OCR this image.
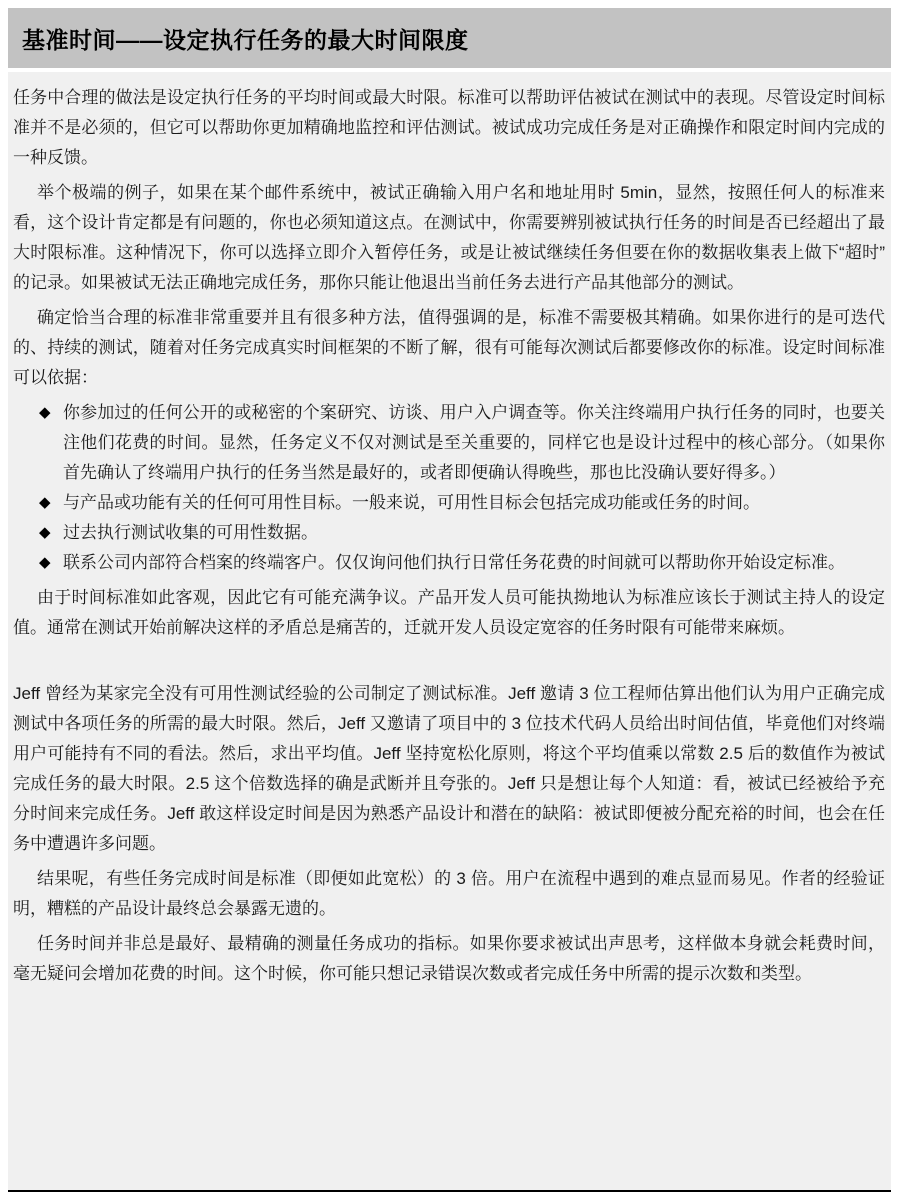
基准时间——设定执行任务的最大时间限度

任务中合理的做法是设定执行任务的平均时间或最大时限。标准可以帮助评估被试在测试中的表现。尽管设定时间标准并不是必须的，但它可以帮助你更加精确地监控和评估测试。被试成功完成任务是对正确操作和限定时间内完成的一种反馈。

举个极端的例子，如果在某个邮件系统中，被试正确输入用户名和地址用时 5min，显然，按照任何人的标准来看，这个设计肯定都是有问题的，你也必须知道这点。在测试中，你需要辨别被试执行任务的时间是否已经超出了最大时限标准。这种情况下，你可以选择立即介入暂停任务，或是让被试继续任务但要在你的数据收集表上做下“超时”的记录。如果被试无法正确地完成任务，那你只能让他退出当前任务去进行产品其他部分的测试。

确定恰当合理的标准非常重要并且有很多种方法，值得强调的是，标准不需要极其精确。如果你进行的是可迭代的、持续的测试，随着对任务完成真实时间框架的不断了解，很有可能每次测试后都要修改你的标准。设定时间标准可以依据：

◆ 你参加过的任何公开的或秘密的个案研究、访谈、用户入户调查等。你关注终端用户执行任务的同时，也要关注他们花费的时间。显然，任务定义不仅对测试是至关重要的，同样它也是设计过程中的核心部分。（如果你首先确认了终端用户执行的任务当然是最好的，或者即便确认得晚些，那也比没确认要好得多。）
◆ 与产品或功能有关的任何可用性目标。一般来说，可用性目标会包括完成功能或任务的时间。
◆ 过去执行测试收集的可用性数据。
◆ 联系公司内部符合档案的终端客户。仅仅询问他们执行日常任务花费的时间就可以帮助你开始设定标准。

由于时间标准如此客观，因此它有可能充满争议。产品开发人员可能执拗地认为标准应该长于测试主持人的设定值。通常在测试开始前解决这样的矛盾总是痛苦的，迁就开发人员设定宽容的任务时限有可能带来麻烦。

Jeff 曾经为某家完全没有可用性测试经验的公司制定了测试标准。Jeff 邀请 3 位工程师估算出他们认为用户正确完成测试中各项任务的所需的最大时限。然后，Jeff 又邀请了项目中的 3 位技术代码人员给出时间估值，毕竟他们对终端用户可能持有不同的看法。然后，求出平均值。Jeff 坚持宽松化原则，将这个平均值乘以常数 2.5 后的数值作为被试完成任务的最大时限。2.5 这个倍数选择的确是武断并且夸张的。Jeff 只是想让每个人知道：看，被试已经被给予充分时间来完成任务。Jeff 敢这样设定时间是因为熟悉产品设计和潜在的缺陷：被试即便被分配充裕的时间，也会在任务中遭遇许多问题。

结果呢，有些任务完成时间是标准（即便如此宽松）的 3 倍。用户在流程中遇到的难点显而易见。作者的经验证明，糟糕的产品设计最终总会暴露无遗的。

任务时间并非总是最好、最精确的测量任务成功的指标。如果你要求被试出声思考，这样做本身就会耗费时间，毫无疑问会增加花费的时间。这个时候，你可能只想记录错误次数或者完成任务中所需的提示次数和类型。
